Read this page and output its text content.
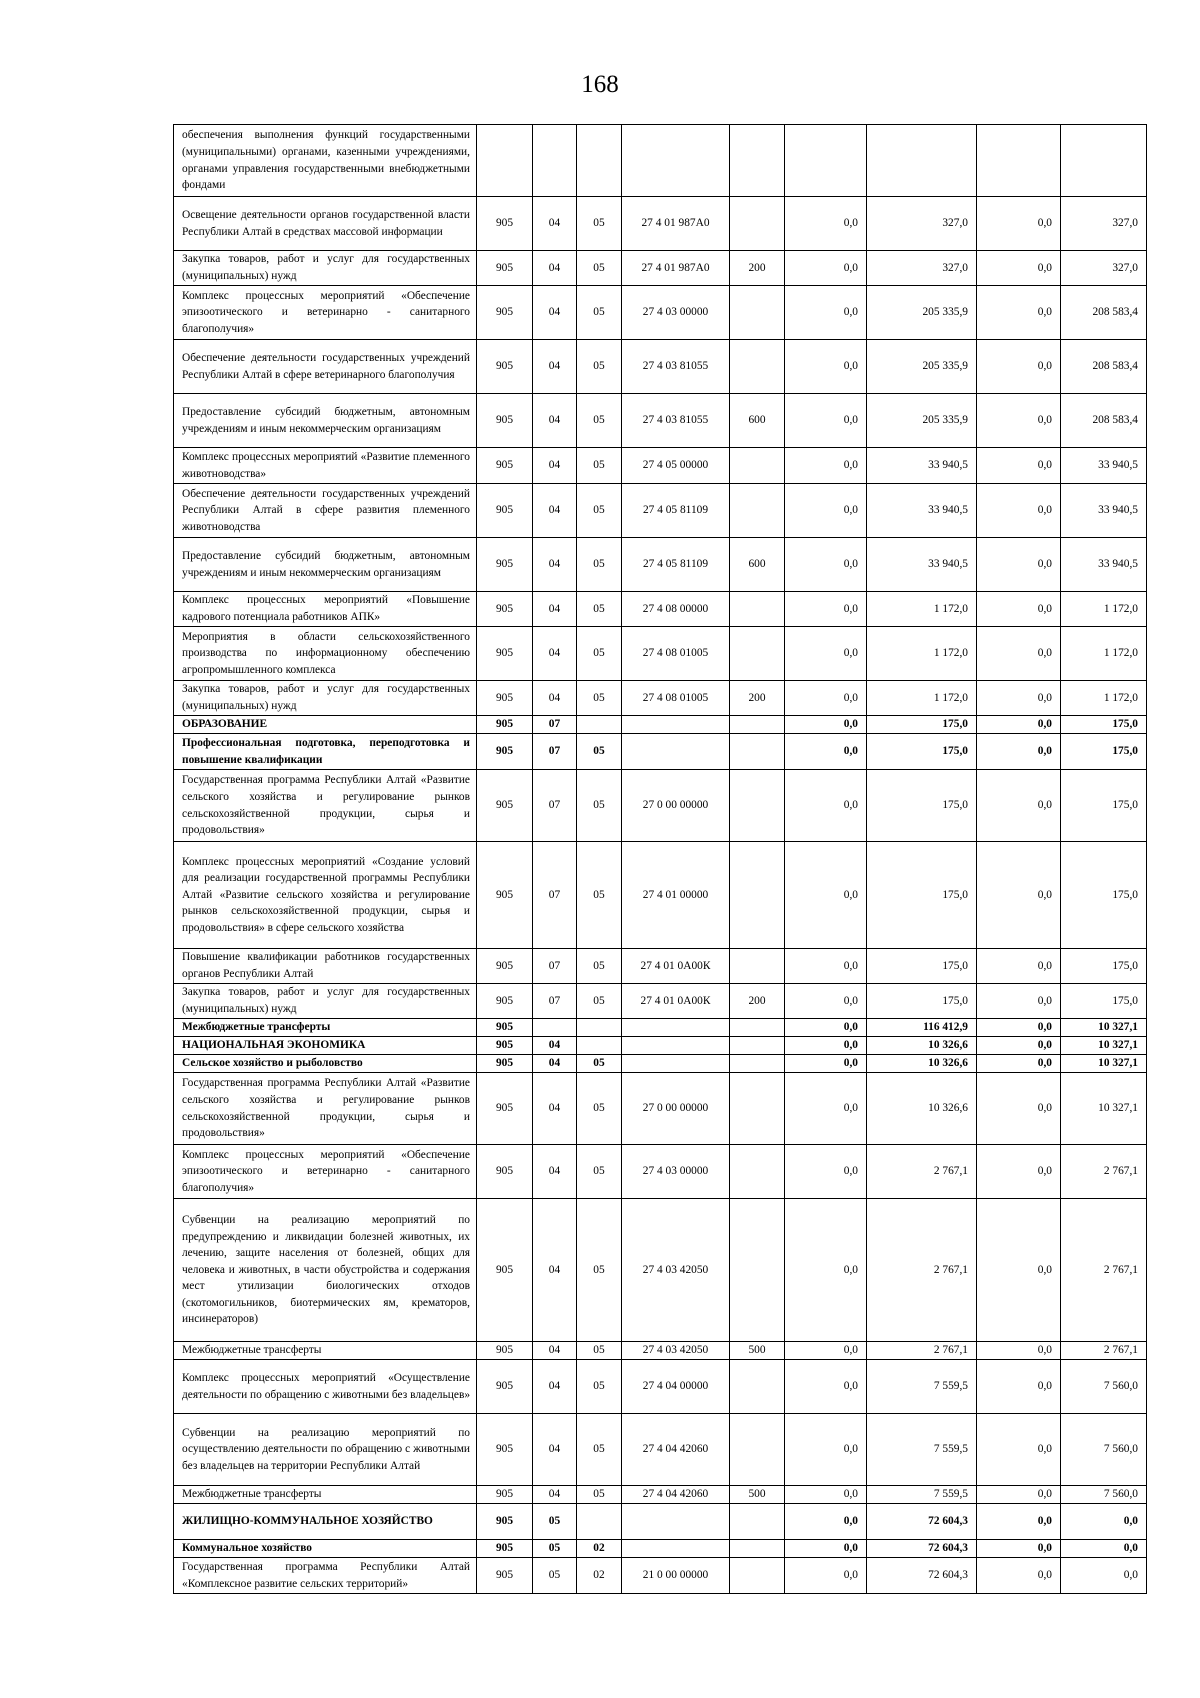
168
обеспечения выполнения функций государственными (муниципальными) органами, казенными учреждениями, органами управления государственными внебюджетными фондами									
Освещение деятельности органов государственной власти Республики Алтай в средствах массовой информации	905	04	05	27 4 01 987А0		0,0	327,0	0,0	327,0
Закупка товаров, работ и услуг для государственных (муниципальных) нужд	905	04	05	27 4 01 987А0	200	0,0	327,0	0,0	327,0
Комплекс процессных мероприятий «Обеспечение эпизоотического и ветеринарно - санитарного благополучия»	905	04	05	27 4 03 00000		0,0	205 335,9	0,0	208 583,4
Обеспечение деятельности государственных учреждений Республики Алтай в сфере ветеринарного благополучия	905	04	05	27 4 03 81055		0,0	205 335,9	0,0	208 583,4
Предоставление субсидий бюджетным, автономным учреждениям и иным некоммерческим организациям	905	04	05	27 4 03 81055	600	0,0	205 335,9	0,0	208 583,4
Комплекс процессных мероприятий «Развитие племенного животноводства»	905	04	05	27 4 05 00000		0,0	33 940,5	0,0	33 940,5
Обеспечение деятельности государственных учреждений Республики Алтай в сфере развития племенного животноводства	905	04	05	27 4 05 81109		0,0	33 940,5	0,0	33 940,5
Предоставление субсидий бюджетным, автономным учреждениям и иным некоммерческим организациям	905	04	05	27 4 05 81109	600	0,0	33 940,5	0,0	33 940,5
Комплекс процессных мероприятий «Повышение кадрового потенциала работников АПК»	905	04	05	27 4 08 00000		0,0	1 172,0	0,0	1 172,0
Мероприятия в области сельскохозяйственного производства по информационному обеспечению агропромышленного комплекса	905	04	05	27 4 08 01005		0,0	1 172,0	0,0	1 172,0
Закупка товаров, работ и услуг для государственных (муниципальных) нужд	905	04	05	27 4 08 01005	200	0,0	1 172,0	0,0	1 172,0
ОБРАЗОВАНИЕ	905	07				0,0	175,0	0,0	175,0
Профессиональная подготовка, переподготовка и повышение квалификации	905	07	05			0,0	175,0	0,0	175,0
Государственная программа Республики Алтай «Развитие сельского хозяйства и регулирование рынков сельскохозяйственной продукции, сырья и продовольствия»	905	07	05	27 0 00 00000		0,0	175,0	0,0	175,0
Комплекс процессных мероприятий «Создание условий для реализации государственной программы Республики Алтай «Развитие сельского хозяйства и регулирование рынков сельскохозяйственной продукции, сырья и продовольствия» в сфере сельского хозяйства	905	07	05	27 4 01 00000		0,0	175,0	0,0	175,0
Повышение квалификации работников государственных органов Республики Алтай	905	07	05	27 4 01 0А00К		0,0	175,0	0,0	175,0
Закупка товаров, работ и услуг для государственных (муниципальных) нужд	905	07	05	27 4 01 0А00К	200	0,0	175,0	0,0	175,0
Межбюджетные трансферты	905					0,0	116 412,9	0,0	10 327,1
НАЦИОНАЛЬНАЯ ЭКОНОМИКА	905	04				0,0	10 326,6	0,0	10 327,1
Сельское хозяйство и рыболовство	905	04	05			0,0	10 326,6	0,0	10 327,1
Государственная программа Республики Алтай «Развитие сельского хозяйства и регулирование рынков сельскохозяйственной продукции, сырья и продовольствия»	905	04	05	27 0 00 00000		0,0	10 326,6	0,0	10 327,1
Комплекс процессных мероприятий «Обеспечение эпизоотического и ветеринарно - санитарного благополучия»	905	04	05	27 4 03 00000		0,0	2 767,1	0,0	2 767,1
Субвенции на реализацию мероприятий по предупреждению и ликвидации болезней животных, их лечению, защите населения от болезней, общих для человека и животных, в части обустройства и содержания мест утилизации биологических отходов (скотомогильников, биотермических ям, крематоров, инсинераторов)	905	04	05	27 4 03 42050		0,0	2 767,1	0,0	2 767,1
Межбюджетные трансферты	905	04	05	27 4 03 42050	500	0,0	2 767,1	0,0	2 767,1
Комплекс процессных мероприятий «Осуществление деятельности по обращению с животными без владельцев»	905	04	05	27 4 04 00000		0,0	7 559,5	0,0	7 560,0
Субвенции на реализацию мероприятий по осуществлению деятельности по обращению с животными без владельцев на территории Республики Алтай	905	04	05	27 4 04 42060		0,0	7 559,5	0,0	7 560,0
Межбюджетные трансферты	905	04	05	27 4 04 42060	500	0,0	7 559,5	0,0	7 560,0
ЖИЛИЩНО-КОММУНАЛЬНОЕ ХОЗЯЙСТВО	905	05				0,0	72 604,3	0,0	0,0
Коммунальное хозяйство	905	05	02			0,0	72 604,3	0,0	0,0
Государственная программа Республики Алтай «Комплексное развитие сельских территорий»	905	05	02	21 0 00 00000		0,0	72 604,3	0,0	0,0
